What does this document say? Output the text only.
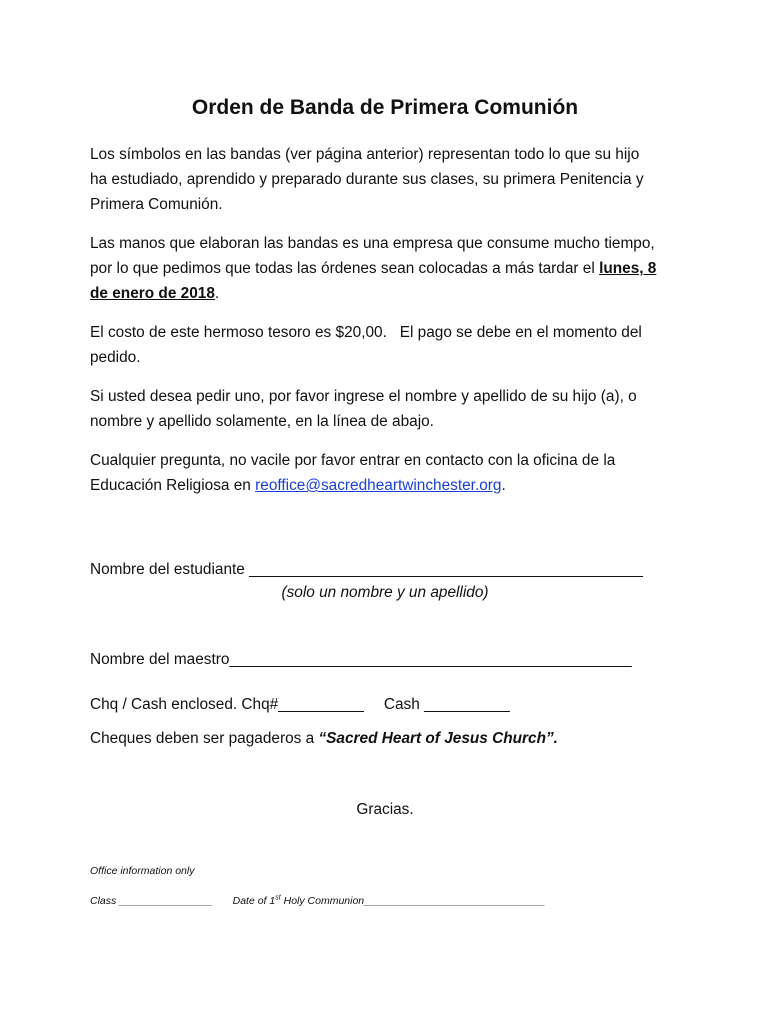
Orden de Banda de Primera Comunión
Los símbolos en las bandas (ver página anterior) representan todo lo que su hijo
ha estudiado, aprendido y preparado durante sus clases, su primera Penitencia y
Primera Comunión.
Las manos que elaboran las bandas es una empresa que consume mucho tiempo,
por lo que pedimos que todas las órdenes sean colocadas a más tardar el lunes, 8
de enero de 2018.
El costo de este hermoso tesoro es $20,00.   El pago se debe en el momento del
pedido.
Si usted desea pedir uno, por favor ingrese el nombre y apellido de su hijo (a), o
nombre y apellido solamente, en la línea de abajo.
Cualquier pregunta, no vacile por favor entrar en contacto con la oficina de la
Educación Religiosa en reoffice@sacredheartwinchester.org.
Nombre del estudiante ______________________________________________
(solo un nombre y un apellido)
Nombre del maestro_______________________________________________
Chq / Cash enclosed. Chq#__________ Cash __________
Cheques deben ser pagaderos a “Sacred Heart of Jesus Church”.
Gracias.
Office information only
Class ________________ Date of 1st Holy Communion_______________________________
